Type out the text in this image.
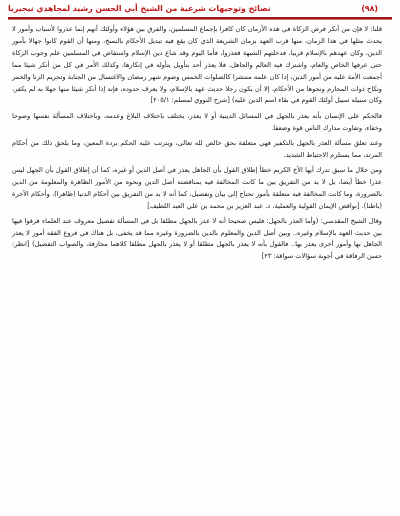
(٩٨)
نصائح وتوجيهات شرعية من الشيخ أبي الحسن رشيد لمجاهدي نيجيريا

قلنا: لا فإن من أنكر فرض الزكاة في هذه الأزمان كان كافرا بإجماع المسلمين، والفرق بين هؤلاء وأولئك أنهم إنما عذروا لأسباب وأمور لا يحدث مثلها في هذا الزمان، منها قرب العهد بزمان الشريعة الذي كان يقع فيه تبديل الأحكام بالنسخ، ومنها أن القوم كانوا جهالا بأمور الدين، وكان عهدهم بالإسلام قريبا، فدخلتهم الشبهة فعذروا، فأما اليوم وقد شاع دين الإسلام واستفاض في المسلمين علم وجوب الزكاة حتى عرفها الخاص والعام، واشترك فيه العالم والجاهل، فلا يعذر أحد بتأويل يتأوله في إنكارها، وكذلك الأمر في كل من أنكر شيئا مما أجمعت الأمة عليه من أمور الدين، إذا كان علمه منتشرا كالصلوات الخمس وصوم شهر رمضان والاغتسال من الجنابة وتحريم الزنا والخمر ونكاح ذوات المحارم ونحوها من الأحكام، إلا أن يكون رجلا حديث عهد بالإسلام، ولا يعرف حدوده، فإنه إذا أنكر شيئا منها جهلا به لم يكفر، وكان سبيله سبيل أولئك القوم في بقاء اسم الدين عليه) [شرح النووي لمسلم: ٢٠٥/١]

فالحكم على الإنسان بأنه يعذر بالجهل في المسائل الدينية أو لا يعذر، يختلف باختلاف البلاغ وعدمه، وباختلاف المسألة نفسها وضوحا وخفاء، وتفاوت مدارك الناس قوة وضعفا.

وعند تعلق مسألة العذر بالجهل بالتكفير فهي متعلقة بحق خالص لله تعالى، ويترتب عليه الحكم بردة المعين، وما يلحق ذلك من أحكام المرتد، مما يستلزم الاحتياط الشديد.

ومن خلال ما سبق تدرك أيها الأخ الكريم خطأ إطلاق القول بأن الجاهل يعذر في أصل الدين أو غيره، كما أن إطلاق القول بأن الجهل ليس عذرا خطأ أيضا، بل لا بد من التفريق بين ما كانت المخالفة فيه بمناقضته أصل الدين ونحوه من الأمور الظاهرة والمعلومة من الدين بالضرورة، وما كانت المخالفة فيه متعلقة بأمور تحتاج إلى بيان وتفصيل، كما أنه لا بد من التفريق بين أحكام الدنيا (ظاهرا)، وأحكام الآخرة (باطنا). [نواقض الإيمان القولية والعملية، د. عبد العزيز بن محمد بن علي العبد اللطيف]

وقال الشيخ المقدسي: (وأما العذر بالجهل: فليس صحيحا أنه لا عذر بالجهل مطلقا بل في المسألة تفصيل معروف عند العلماء فرقوا فيها بين حديث العهد بالإسلام وغيره.. وبين أصل الدين والمعلوم بالدين بالضرورة وغيره مما قد يخفى، بل هناك في فروع الفقه أمور لا يعذر الجاهل بها وأمور أخرى يعذر بها.. فالقول بأنه لا يعذر بالجهل مطلقا أو لا يعذر بالجهل مطلقا كلاهما مجازفة، والصواب التفصيل) [انظر: حسن الرفاقة في أجوبة سؤالات سواقة: ٢٣]
